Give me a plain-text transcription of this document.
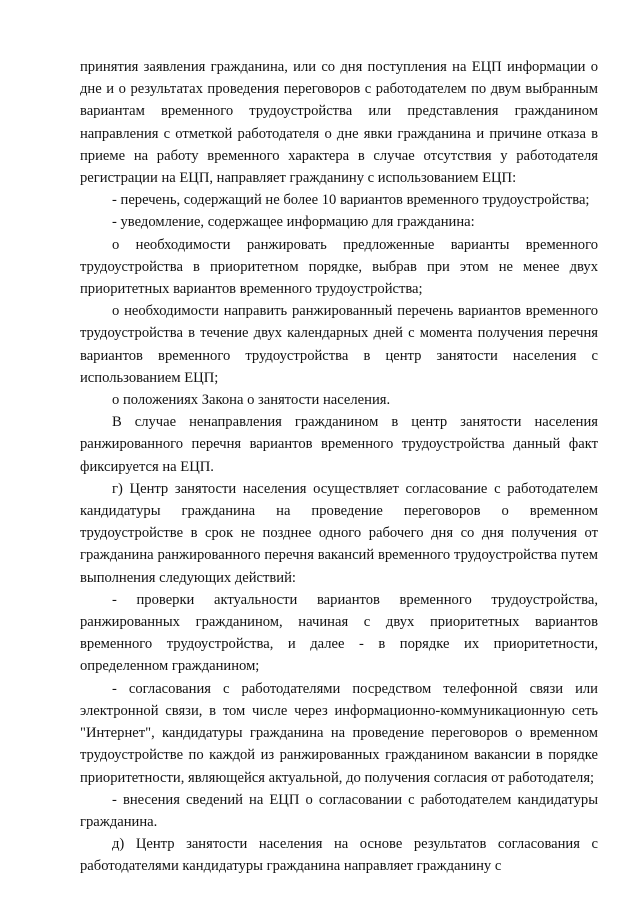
принятия заявления гражданина, или со дня поступления на ЕЦП информации о дне и о результатах проведения переговоров с работодателем по двум выбранным вариантам временного трудоустройства или представления гражданином направления с отметкой работодателя о дне явки гражданина и причине отказа в приеме на работу временного характера в случае отсутствия у работодателя регистрации на ЕЦП, направляет гражданину с использованием ЕЦП:

- перечень, содержащий не более 10 вариантов временного трудоустройства;

- уведомление, содержащее информацию для гражданина:

о необходимости ранжировать предложенные варианты временного трудоустройства в приоритетном порядке, выбрав при этом не менее двух приоритетных вариантов временного трудоустройства;

о необходимости направить ранжированный перечень вариантов временного трудоустройства в течение двух календарных дней с момента получения перечня вариантов временного трудоустройства в центр занятости населения с использованием ЕЦП;

о положениях Закона о занятости населения.

В случае ненаправления гражданином в центр занятости населения ранжированного перечня вариантов временного трудоустройства данный факт фиксируется на ЕЦП.

г) Центр занятости населения осуществляет согласование с работодателем кандидатуры гражданина на проведение переговоров о временном трудоустройстве в срок не позднее одного рабочего дня со дня получения от гражданина ранжированного перечня вакансий временного трудоустройства путем выполнения следующих действий:

- проверки актуальности вариантов временного трудоустройства, ранжированных гражданином, начиная с двух приоритетных вариантов временного трудоустройства, и далее - в порядке их приоритетности, определенном гражданином;

- согласования с работодателями посредством телефонной связи или электронной связи, в том числе через информационно-коммуникационную сеть "Интернет", кандидатуры гражданина на проведение переговоров о временном трудоустройстве по каждой из ранжированных гражданином вакансии в порядке приоритетности, являющейся актуальной, до получения согласия от работодателя;

- внесения сведений на ЕЦП о согласовании с работодателем кандидатуры гражданина.

д) Центр занятости населения на основе результатов согласования с работодателями кандидатуры гражданина направляет гражданину с
